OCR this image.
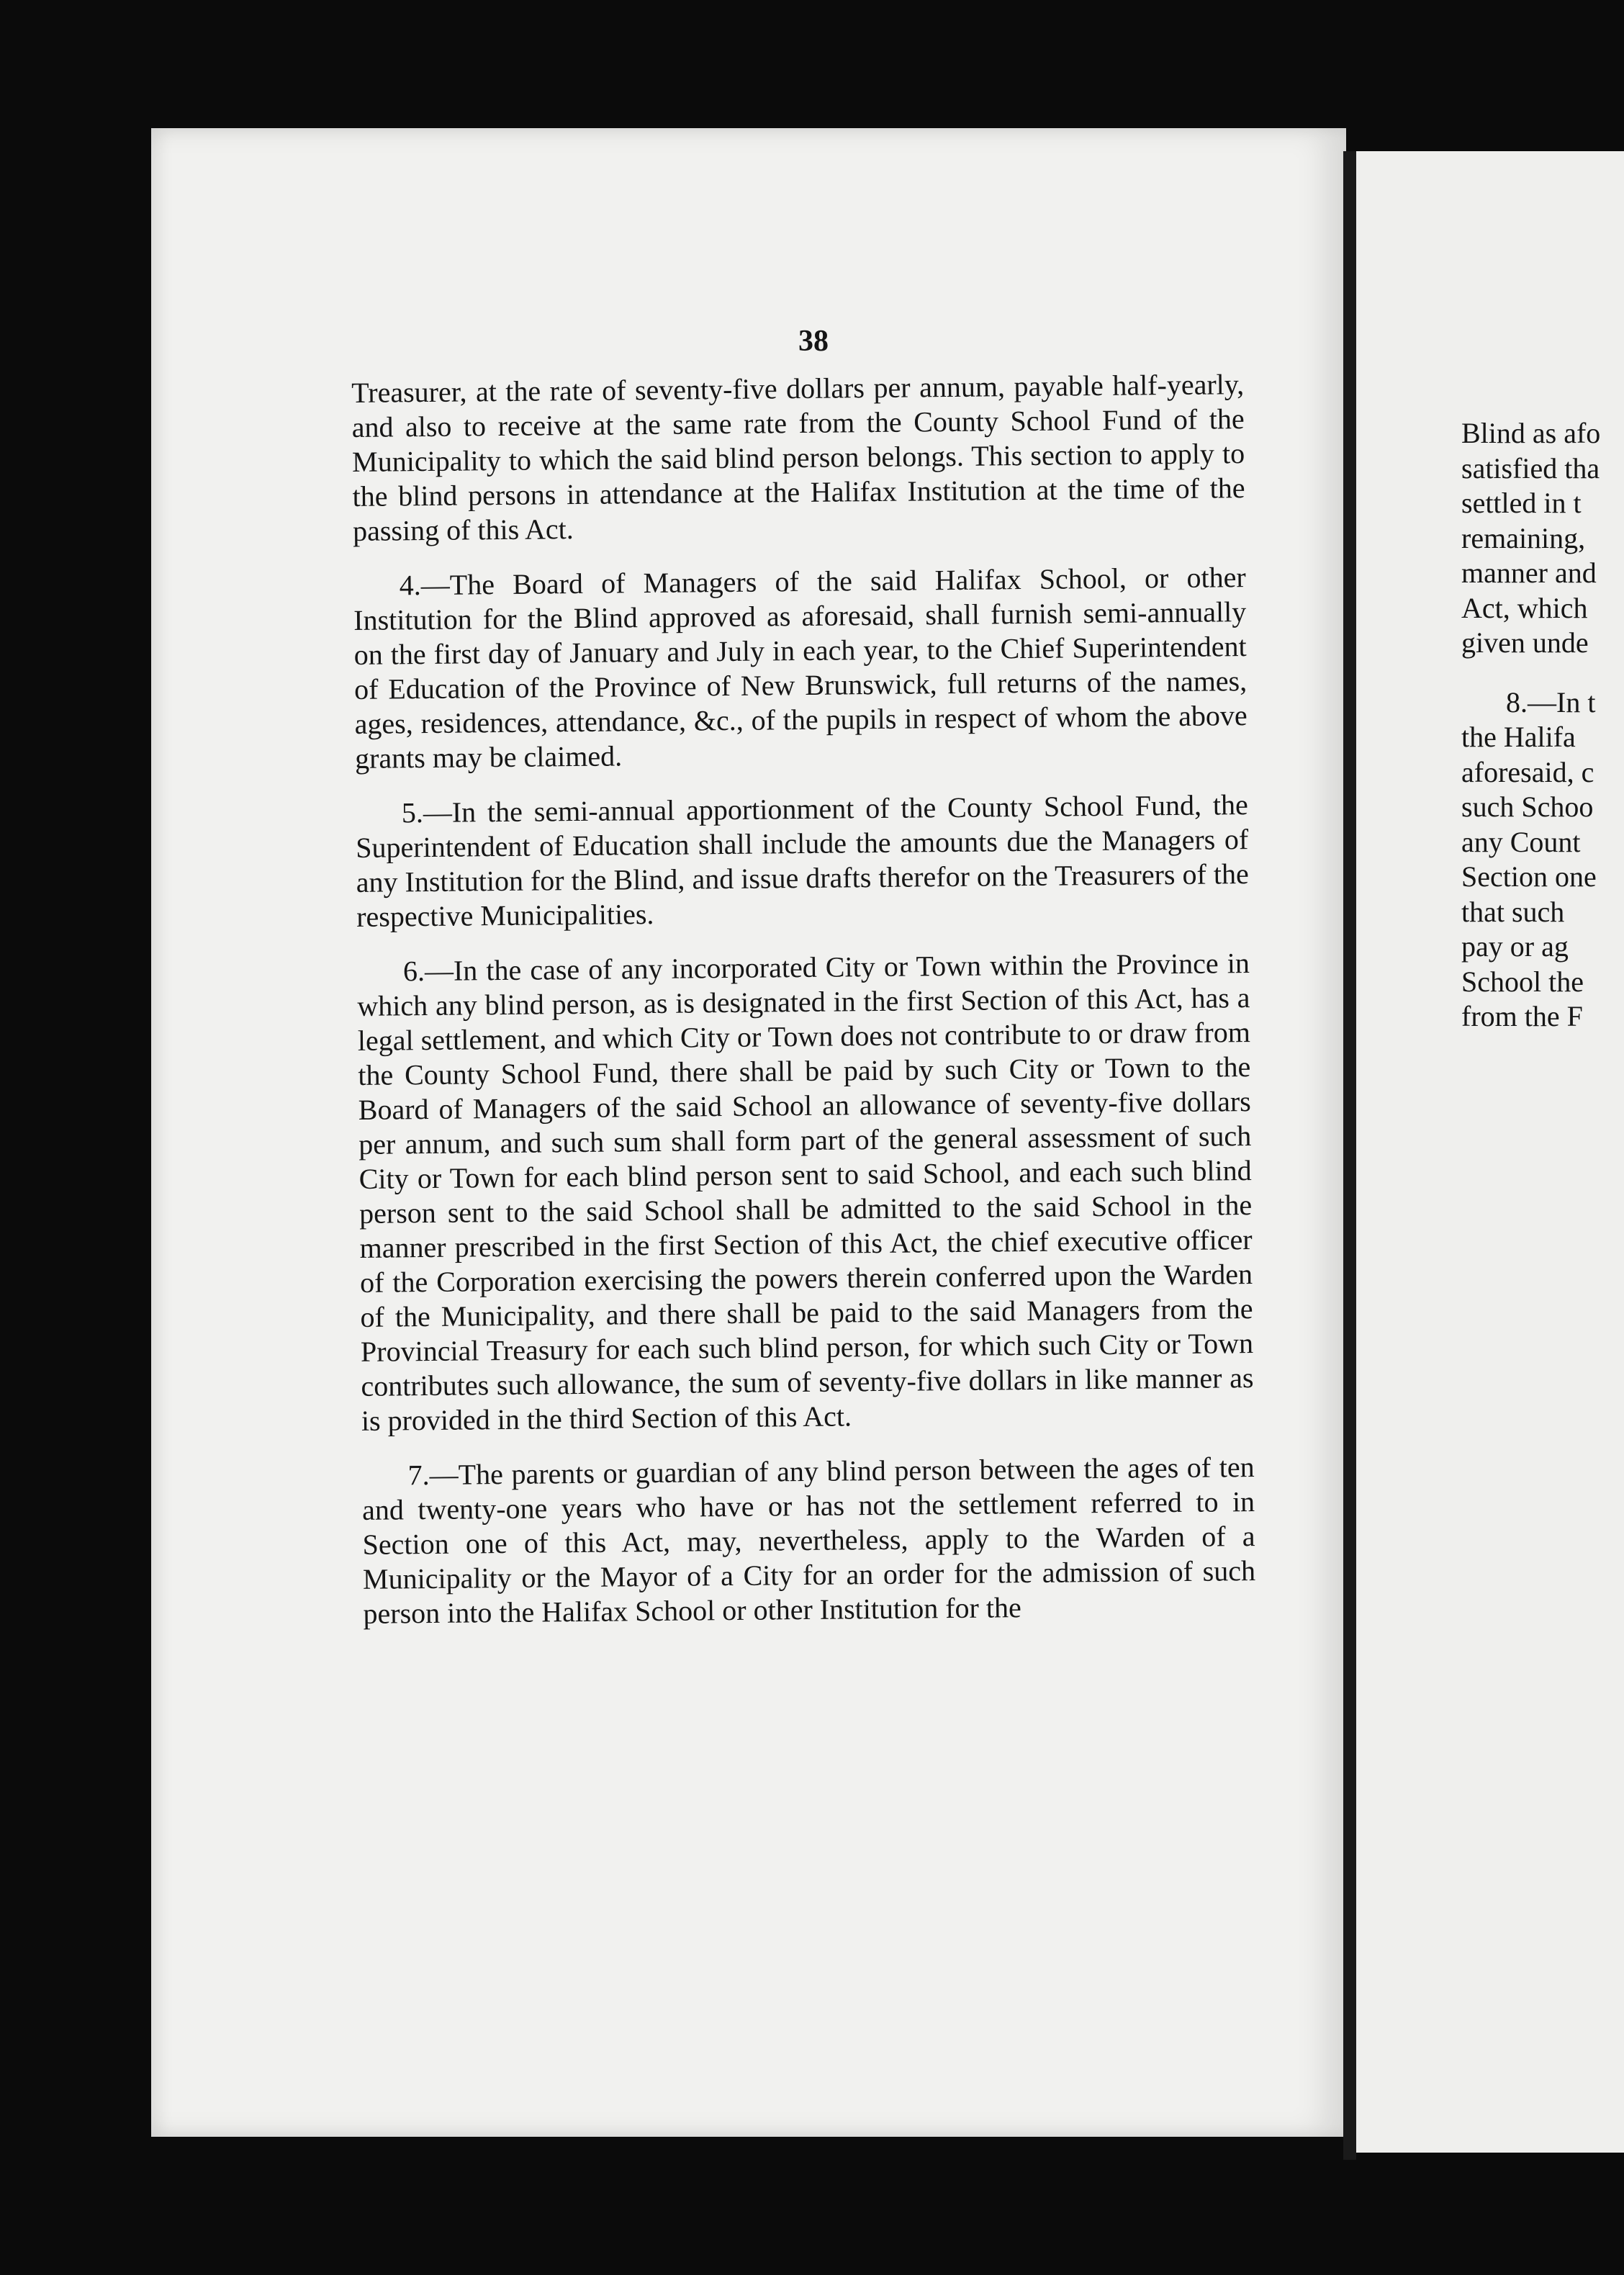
38

Treasurer, at the rate of seventy-five dollars per annum, payable half-yearly, and also to receive at the same rate from the County School Fund of the Municipality to which the said blind person belongs. This section to apply to the blind persons in attendance at the Halifax Institution at the time of the passing of this Act.

4.—The Board of Managers of the said Halifax School, or other Institution for the Blind approved as aforesaid, shall furnish semi-annually on the first day of January and July in each year, to the Chief Superintendent of Education of the Province of New Brunswick, full returns of the names, ages, residences, attendance, &c., of the pupils in respect of whom the above grants may be claimed.

5.—In the semi-annual apportionment of the County School Fund, the Superintendent of Education shall include the amounts due the Managers of any Institution for the Blind, and issue drafts therefor on the Treasurers of the respective Municipalities.

6.—In the case of any incorporated City or Town within the Province in which any blind person, as is designated in the first Section of this Act, has a legal settlement, and which City or Town does not contribute to or draw from the County School Fund, there shall be paid by such City or Town to the Board of Managers of the said School an allowance of seventy-five dollars per annum, and such sum shall form part of the general assessment of such City or Town for each blind person sent to said School, and each such blind person sent to the said School shall be admitted to the said School in the manner prescribed in the first Section of this Act, the chief executive officer of the Corporation exercising the powers therein conferred upon the Warden of the Municipality, and there shall be paid to the said Managers from the Provincial Treasury for each such blind person, for which such City or Town contributes such allowance, the sum of seventy-five dollars in like manner as is provided in the third Section of this Act.

7.—The parents or guardian of any blind person between the ages of ten and twenty-one years who have or has not the settlement referred to in Section one of this Act, may, nevertheless, apply to the Warden of a Municipality or the Mayor of a City for an order for the admission of such person into the Halifax School or other Institution for the

Blind as afo
satisfied tha
settled in t
remaining,
manner and
Act, which
given unde
8.—In t
the Halifa
aforesaid, c
such Schoo
any Count
Section one
that such
pay or ag
School the
from the F
